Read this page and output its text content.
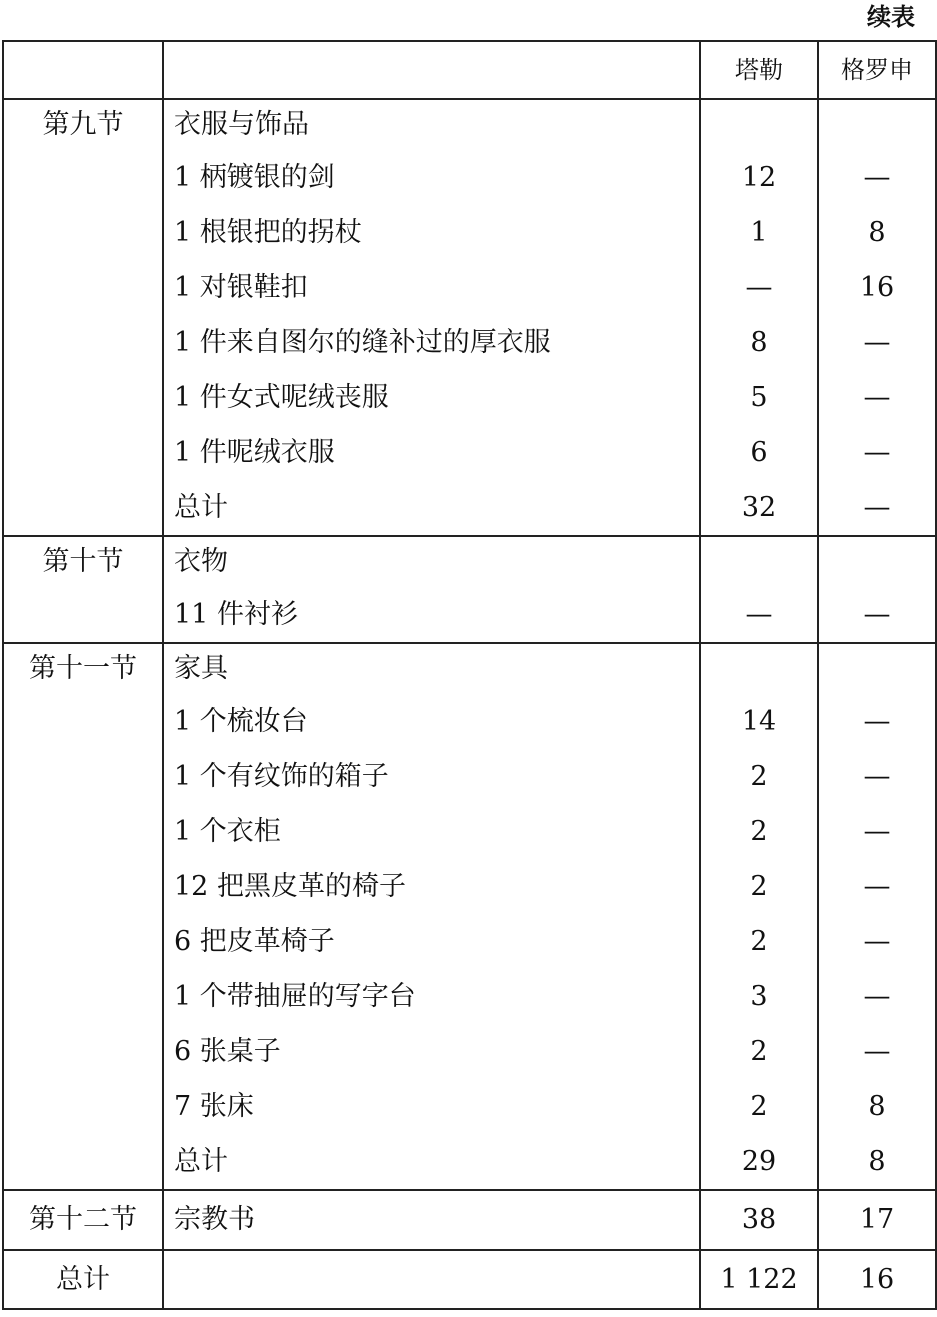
续表
		塔勒	格罗申
第九节	衣服与饰品		
	1 柄镀银的剑	12	—
	1 根银把的拐杖	1	8
	1 对银鞋扣	—	16
	1 件来自图尔的缝补过的厚衣服	8	—
	1 件女式呢绒丧服	5	—
	1 件呢绒衣服	6	—
	总计	32	—
第十节	衣物		
	11 件衬衫	—	—
第十一节	家具		
	1 个梳妆台	14	—
	1 个有纹饰的箱子	2	—
	1 个衣柜	2	—
	12 把黑皮革的椅子	2	—
	6 把皮革椅子	2	—
	1 个带抽屉的写字台	3	—
	6 张桌子	2	—
	7 张床	2	8
	总计	29	8
第十二节	宗教书	38	17
总计		1 122	16
